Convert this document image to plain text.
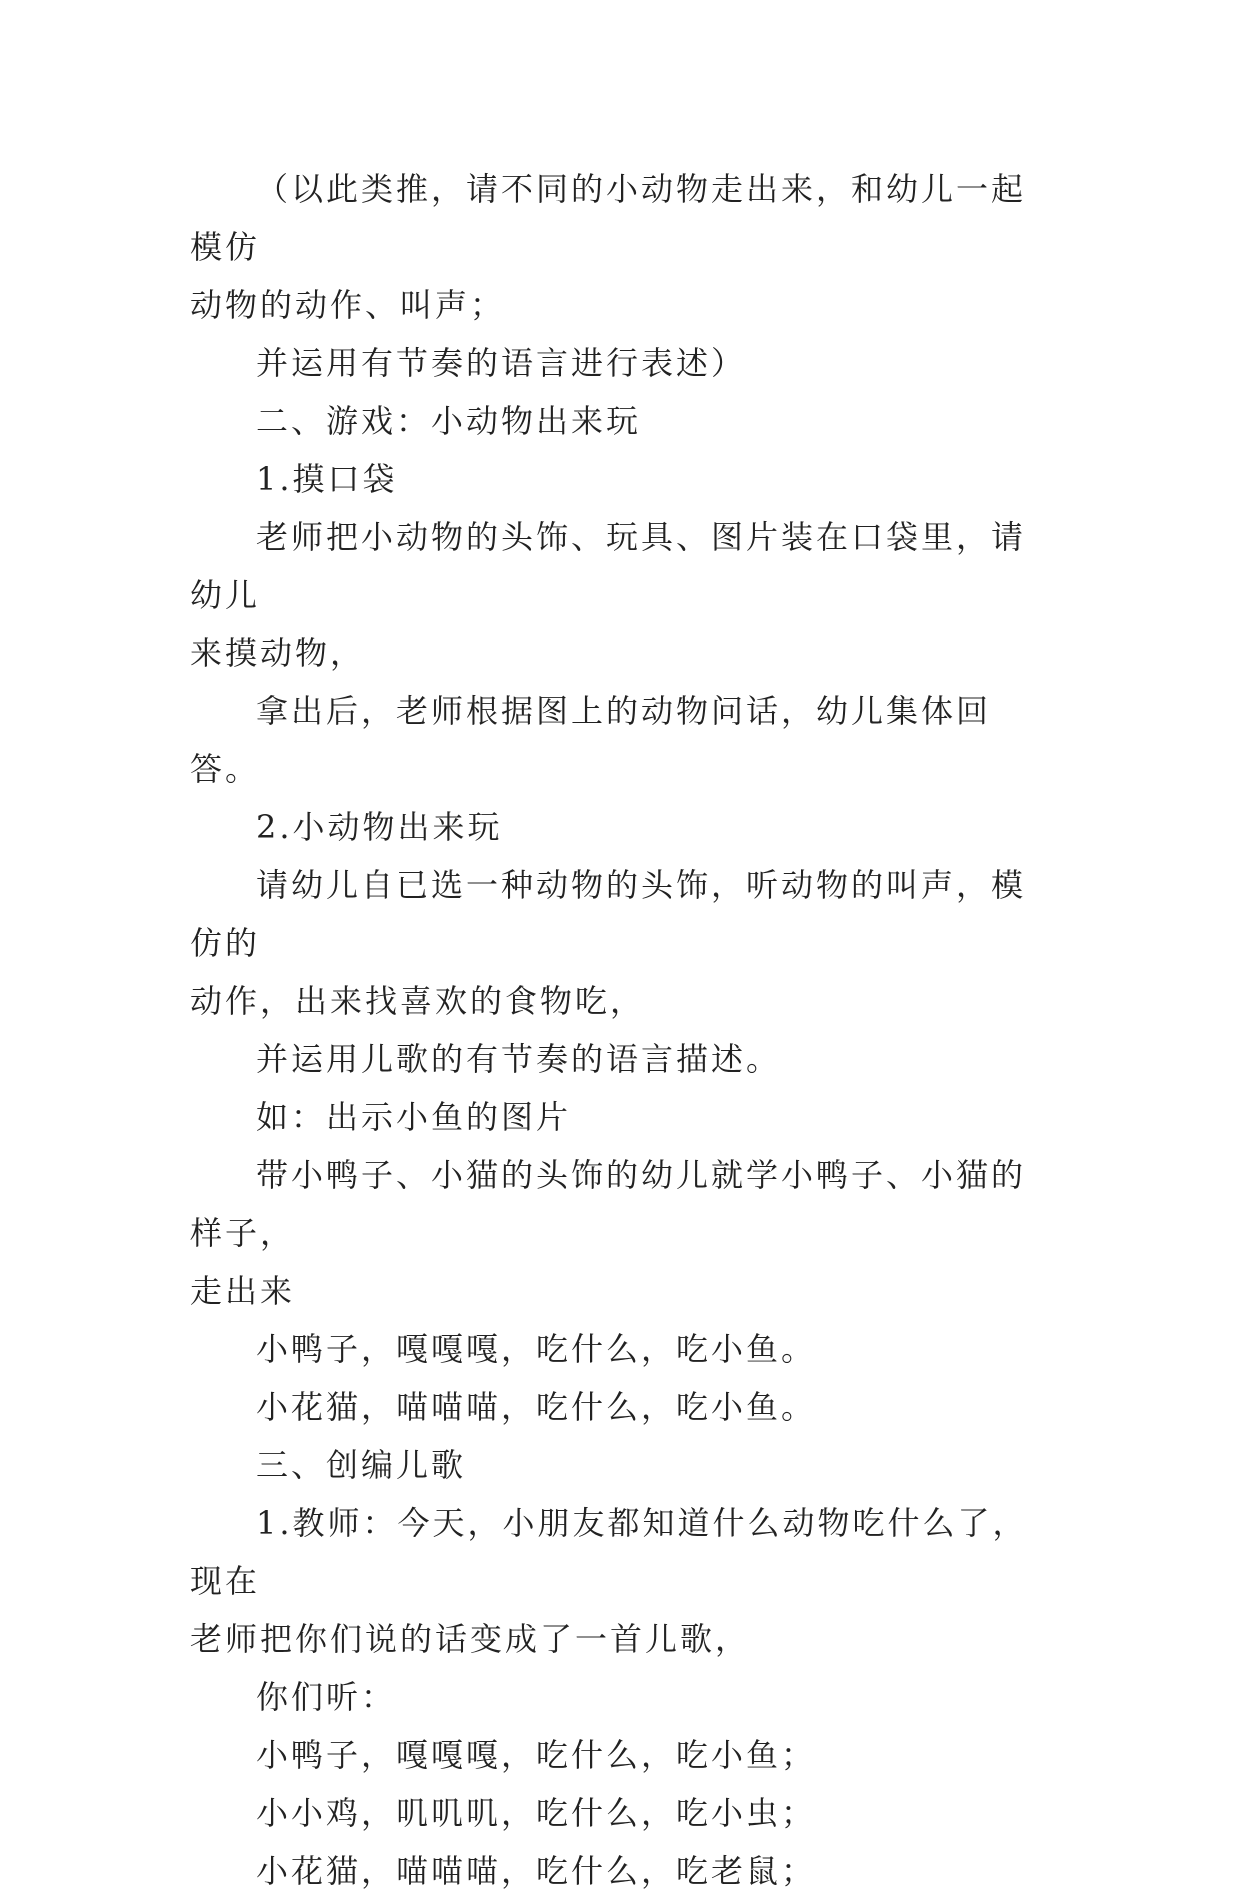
（以此类推，请不同的小动物走出来，和幼儿一起模仿
动物的动作、叫声；

并运用有节奏的语言进行表述）

二、游戏：小动物出来玩

1.摸口袋

老师把小动物的头饰、玩具、图片装在口袋里，请幼儿
来摸动物，

拿出后，老师根据图上的动物问话，幼儿集体回答。

2.小动物出来玩

请幼儿自已选一种动物的头饰，听动物的叫声，模仿的
动作，出来找喜欢的食物吃，

并运用儿歌的有节奏的语言描述。

如：出示小鱼的图片

带小鸭子、小猫的头饰的幼儿就学小鸭子、小猫的样子，
走出来

小鸭子，嘎嘎嘎，吃什么，吃小鱼。

小花猫，喵喵喵，吃什么，吃小鱼。

三、创编儿歌

1.教师：今天，小朋友都知道什么动物吃什么了，现在
老师把你们说的话变成了一首儿歌，

你们听：

小鸭子，嘎嘎嘎，吃什么，吃小鱼；

小小鸡，叽叽叽，吃什么，吃小虫；

小花猫，喵喵喵，吃什么，吃老鼠；
